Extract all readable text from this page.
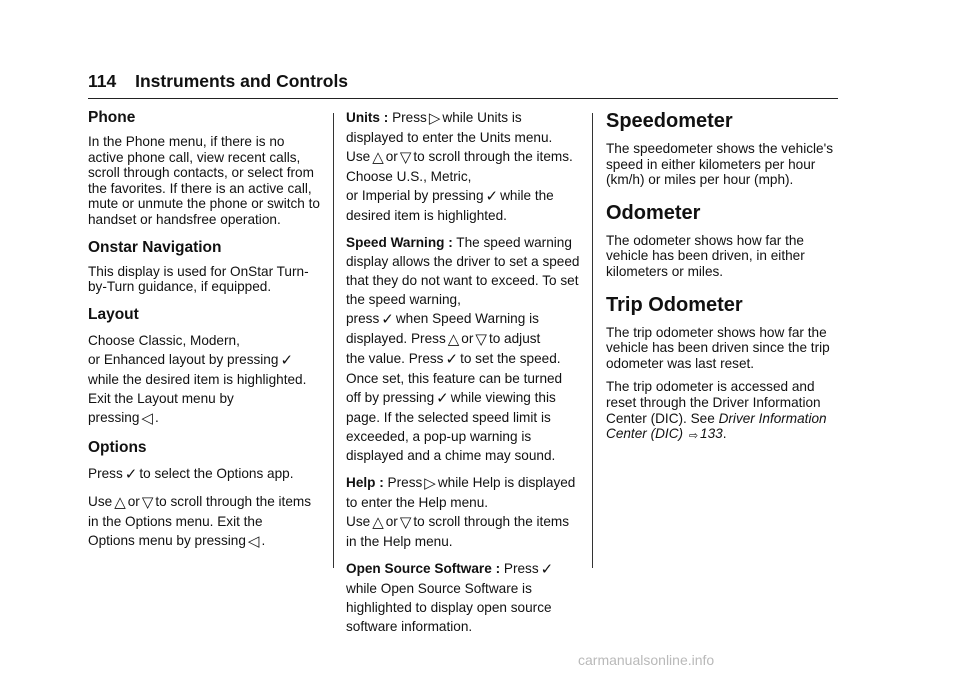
114 Instruments and Controls
Phone

In the Phone menu, if there is no active phone call, view recent calls, scroll through contacts, or select from the favorites. If there is an active call, mute or unmute the phone or switch to handset or handsfree operation.

Onstar Navigation

This display is used for OnStar Turn-by-Turn guidance, if equipped.

Layout

Choose Classic, Modern,
or Enhanced layout by pressing ✓
while the desired item is highlighted. Exit the Layout menu by
pressing ◁ .

Options

Press ✓ to select the Options app.

Use △ or ▽ to scroll through the items in the Options menu. Exit the
Options menu by pressing ◁ .

Units : Press ▷ while Units is displayed to enter the Units menu.
Use △ or ▽ to scroll through the items. Choose U.S., Metric,
or Imperial by pressing ✓ while the desired item is highlighted.

Speed Warning : The speed warning display allows the driver to set a speed that they do not want to exceed. To set the speed warning,
press ✓ when Speed Warning is
displayed. Press △ or ▽ to adjust
the value. Press ✓ to set the speed. Once set, this feature can be turned
off by pressing ✓ while viewing this page. If the selected speed limit is exceeded, a pop-up warning is displayed and a chime may sound.

Help : Press ▷ while Help is displayed to enter the Help menu.
Use △ or ▽ to scroll through the items in the Help menu.

Open Source Software : Press ✓while Open Source Software is highlighted to display open source software information.

Speedometer

The speedometer shows the vehicle's speed in either kilometers per hour (km/h) or miles per hour (mph).

Odometer

The odometer shows how far the vehicle has been driven, in either kilometers or miles.

Trip Odometer

The trip odometer shows how far the vehicle has been driven since the trip odometer was last reset.

The trip odometer is accessed and reset through the Driver Information Center (DIC). See Driver Information Center (DIC) ⇨ 133.

carmanualsonline.info
